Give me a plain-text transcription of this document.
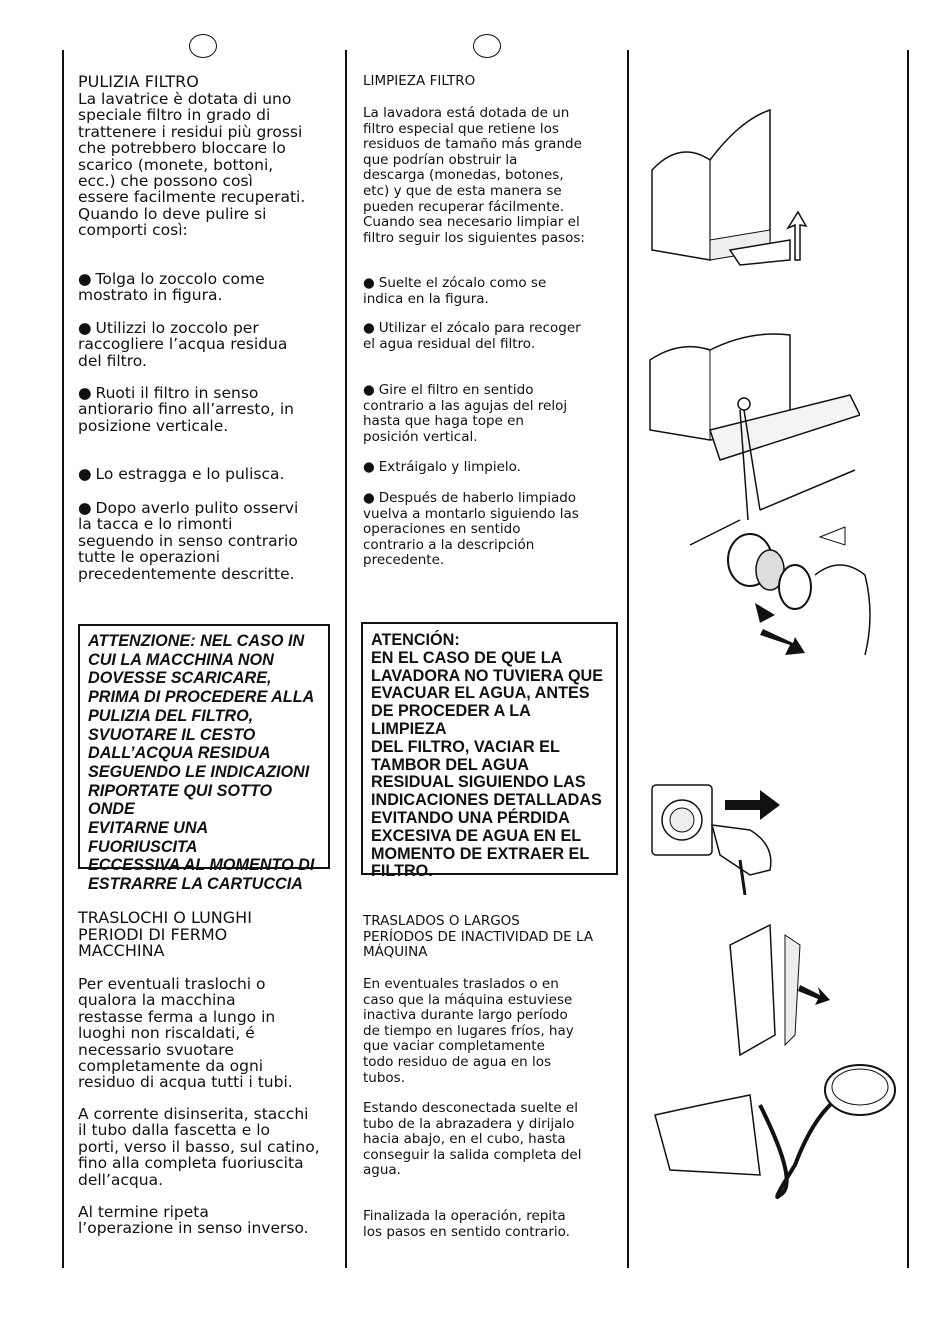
PULIZIA FILTRO
La lavatrice è dotata di uno
speciale filtro in grado di
trattenere i residui più grossi
che potrebbero bloccare lo
scarico (monete, bottoni,
ecc.) che possono così
essere facilmente recuperati.
Quando lo deve pulire si
comporti così:
● Tolga lo zoccolo come
mostrato in figura.
● Utilizzi lo zoccolo per
raccogliere l’acqua residua
del filtro.
● Ruoti il filtro in senso
antiorario fino all’arresto, in
posizione verticale.
● Lo estragga e lo pulisca.
● Dopo averlo pulito osservi
la tacca e lo rimonti
seguendo in senso contrario
tutte le operazioni
precedentemente descritte.
TRASLOCHI O LUNGHI
PERIODI DI FERMO
MACCHINA
Per eventuali traslochi o
qualora la macchina
restasse ferma a lungo in
luoghi non riscaldati, é
necessario svuotare
completamente da ogni
residuo di acqua tutti i tubi.
A corrente disinserita, stacchi
il tubo dalla fascetta e lo
porti, verso il basso, sul catino,
fino alla completa fuoriuscita
dell’acqua.
Al termine ripeta
l’operazione in senso inverso.
ATTENZIONE: NEL CASO IN
CUI LA MACCHINA NON
DOVESSE SCARICARE,
PRIMA DI PROCEDERE ALLA
PULIZIA DEL FILTRO,
SVUOTARE IL CESTO
DALL’ACQUA RESIDUA
SEGUENDO LE INDICAZIONI
RIPORTATE QUI SOTTO ONDE
EVITARNE UNA FUORIUSCITA
ECCESSIVA AL MOMENTO DI
ESTRARRE LA CARTUCCIA
LIMPIEZA FILTRO
La lavadora está dotada de un
filtro especial que retiene los
residuos de tamaño más grande
que podrían obstruir la
descarga (monedas, botones,
etc) y que de esta manera se
pueden recuperar fácilmente.
Cuando sea necesario limpiar el
filtro seguir los siguientes pasos:
● Suelte el zócalo como se
indica en la figura.
● Utilizar el zócalo para recoger
el agua residual del filtro.
● Gire el filtro en sentido
contrario a las agujas del reloj
hasta que haga tope en
posición vertical.
● Extráigalo y limpielo.
● Después de haberlo limpiado
vuelva a montarlo siguiendo las
operaciones en sentido
contrario a la descripción
precedente.
TRASLADOS O LARGOS
PERÍODOS DE INACTIVIDAD DE LA
MÁQUINA
En eventuales traslados o en
caso que la máquina estuviese
inactiva durante largo período
de tiempo en lugares fríos, hay
que vaciar completamente
todo residuo de agua en los
tubos.
Estando desconectada suelte el
tubo de la abrazadera y dirijalo
hacia abajo, en el cubo, hasta
conseguir la salida completa del
agua.
Finalizada la operación, repita
los pasos en sentido contrario.
ATENCIÓN:
EN EL CASO DE QUE LA
LAVADORA NO TUVIERA QUE
EVACUAR EL AGUA, ANTES
DE PROCEDER A LA LIMPIEZA
DEL FILTRO, VACIAR EL
TAMBOR DEL AGUA
RESIDUAL SIGUIENDO LAS
INDICACIONES DETALLADAS
EVITANDO UNA PÉRDIDA
EXCESIVA DE AGUA EN EL
MOMENTO DE EXTRAER EL
FILTRO.
